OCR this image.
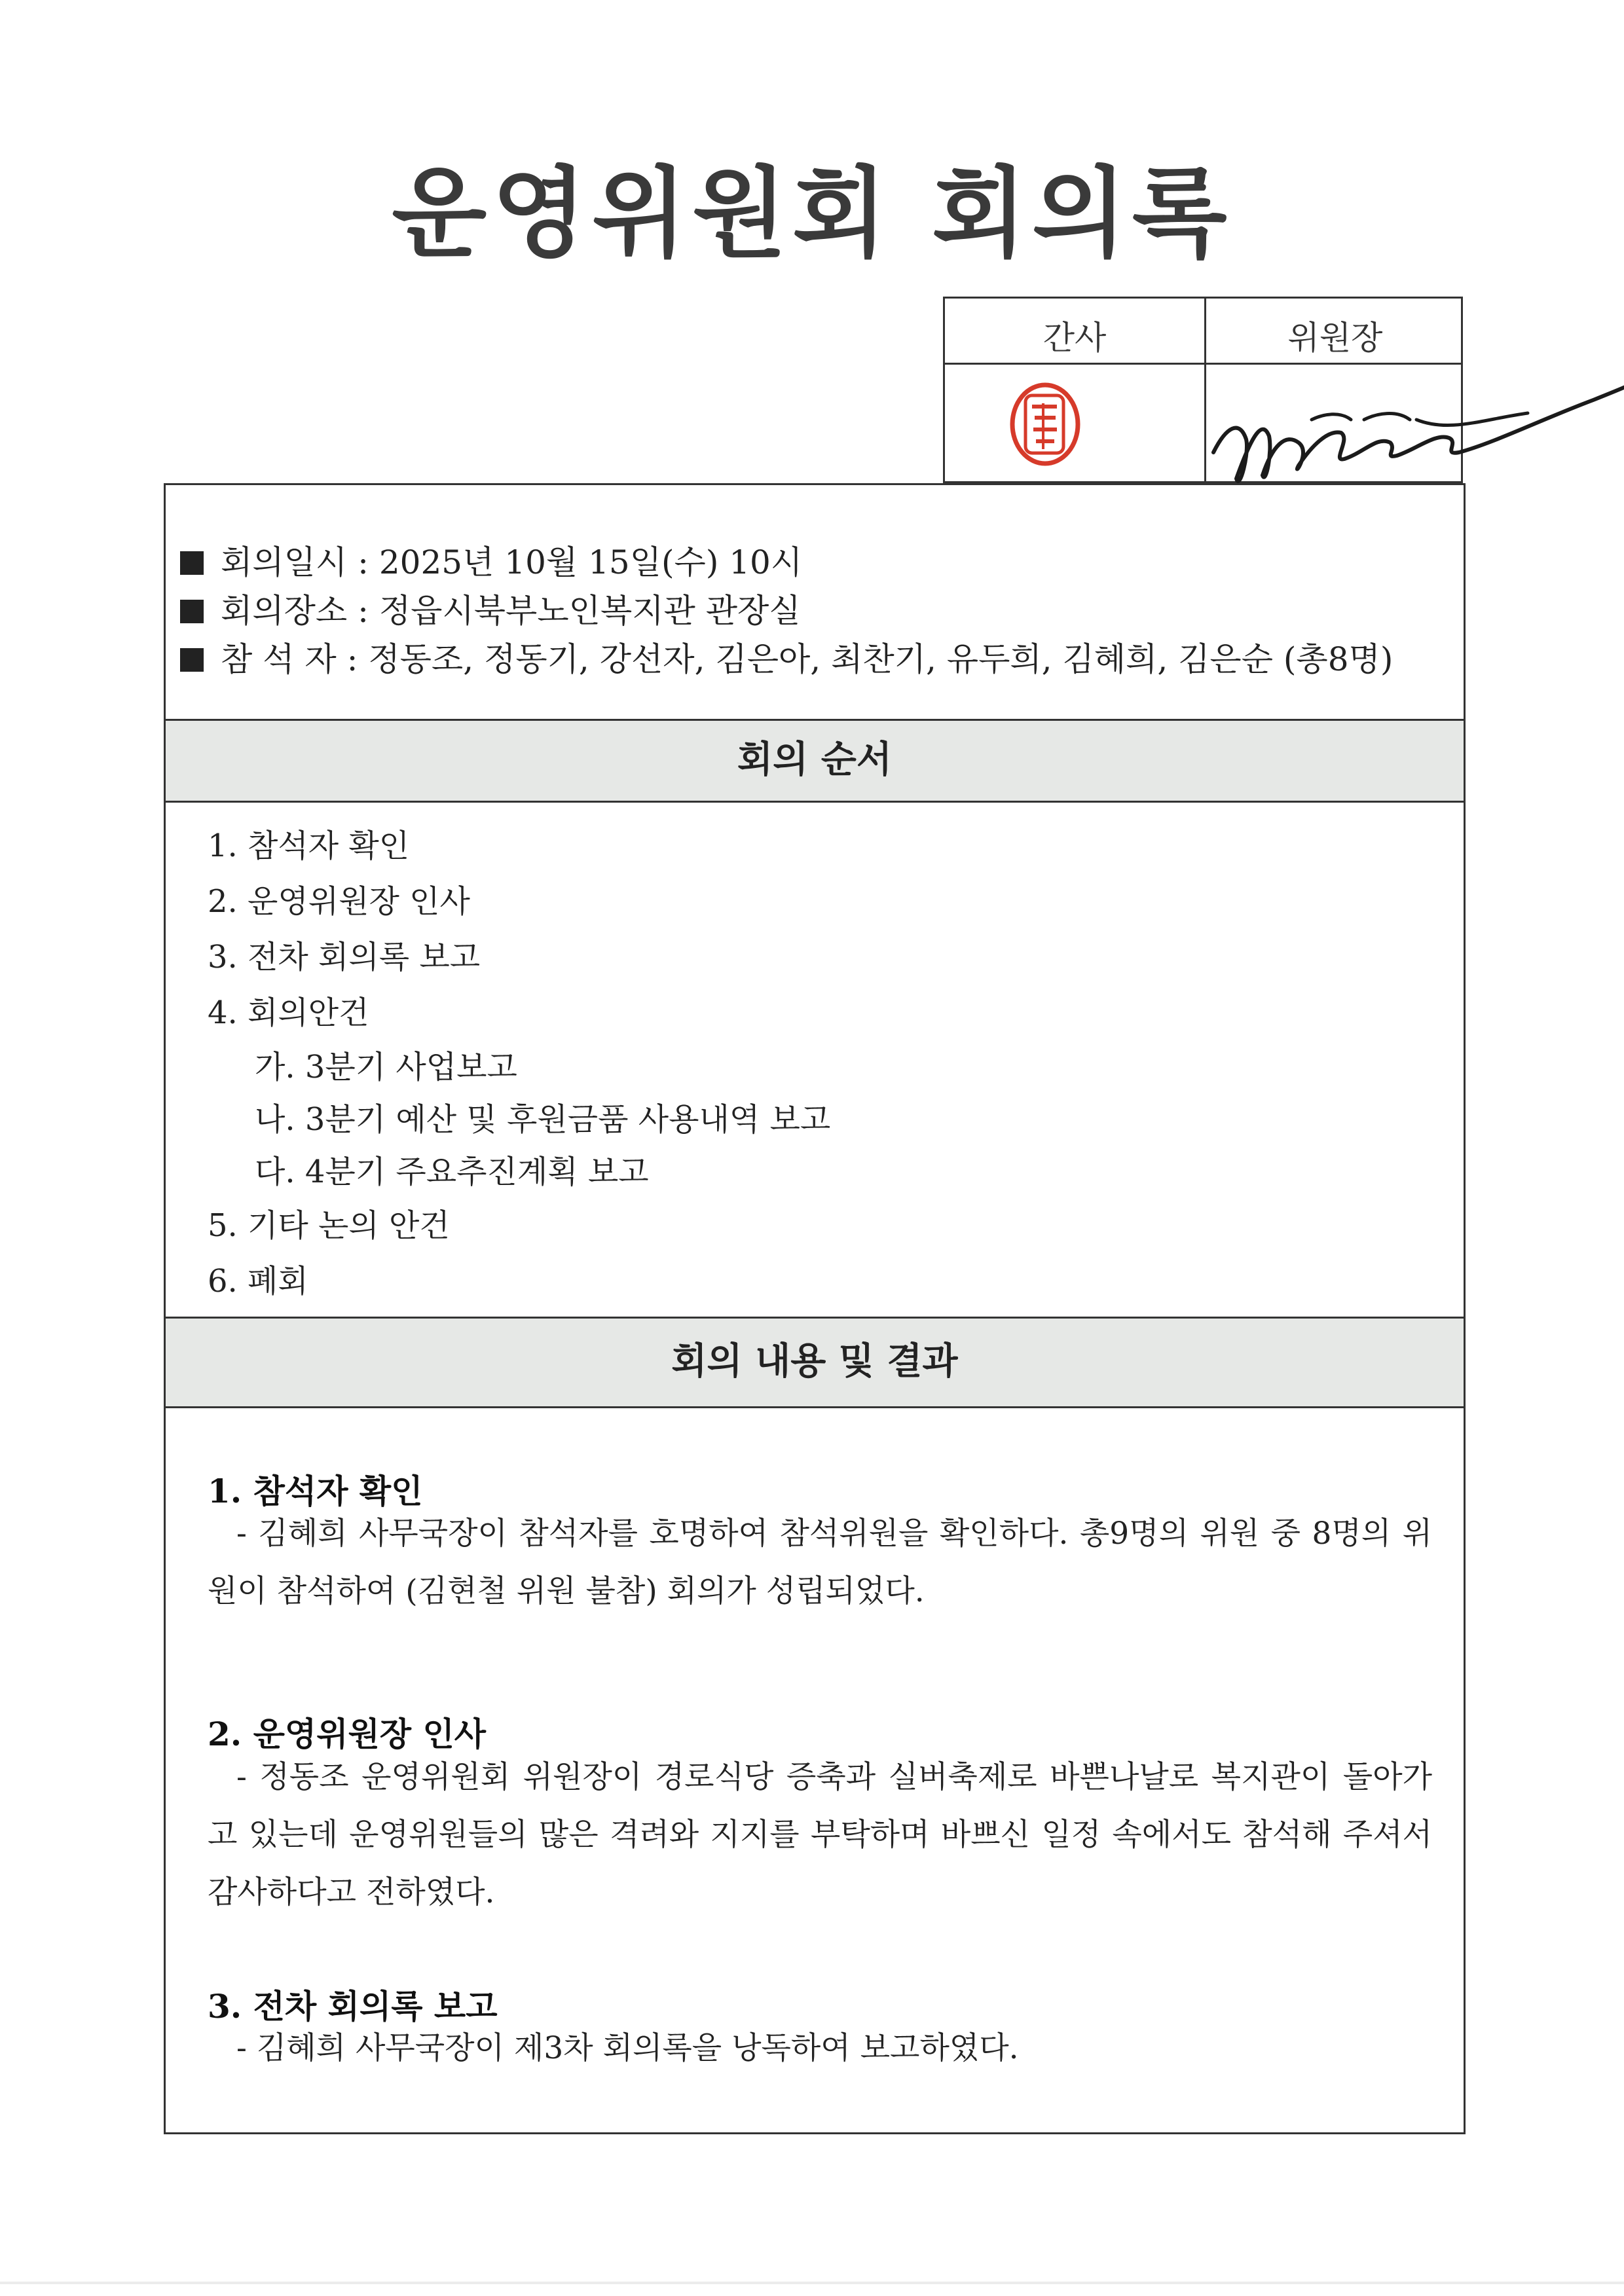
운영위원회 회의록
간사	위원장
회의일시 : 2025년 10월 15일(수) 10시
회의장소 : 정읍시북부노인복지관 관장실
참 석 자 : 정동조, 정동기, 강선자, 김은아, 최찬기, 유두희, 김혜희, 김은순 (총8명)
회의 순서
1. 참석자 확인
2. 운영위원장 인사
3. 전차 회의록 보고
4. 회의안건
가. 3분기 사업보고
나. 3분기 예산 및 후원금품 사용내역 보고
다. 4분기 주요추진계획 보고
5. 기타 논의 안건
6. 폐회
회의 내용 및 결과
1. 참석자 확인
- 김혜희 사무국장이 참석자를 호명하여 참석위원을 확인하다. 총9명의 위원 중 8명의 위원이 참석하여 (김현철 위원 불참) 회의가 성립되었다.
2. 운영위원장 인사
- 정동조 운영위원회 위원장이 경로식당 증축과 실버축제로 바쁜나날로 복지관이 돌아가고 있는데 운영위원들의 많은 격려와 지지를 부탁하며 바쁘신 일정 속에서도 참석해 주셔서 감사하다고 전하였다.
3. 전차 회의록 보고
- 김혜희 사무국장이 제3차 회의록을 낭독하여 보고하였다.
